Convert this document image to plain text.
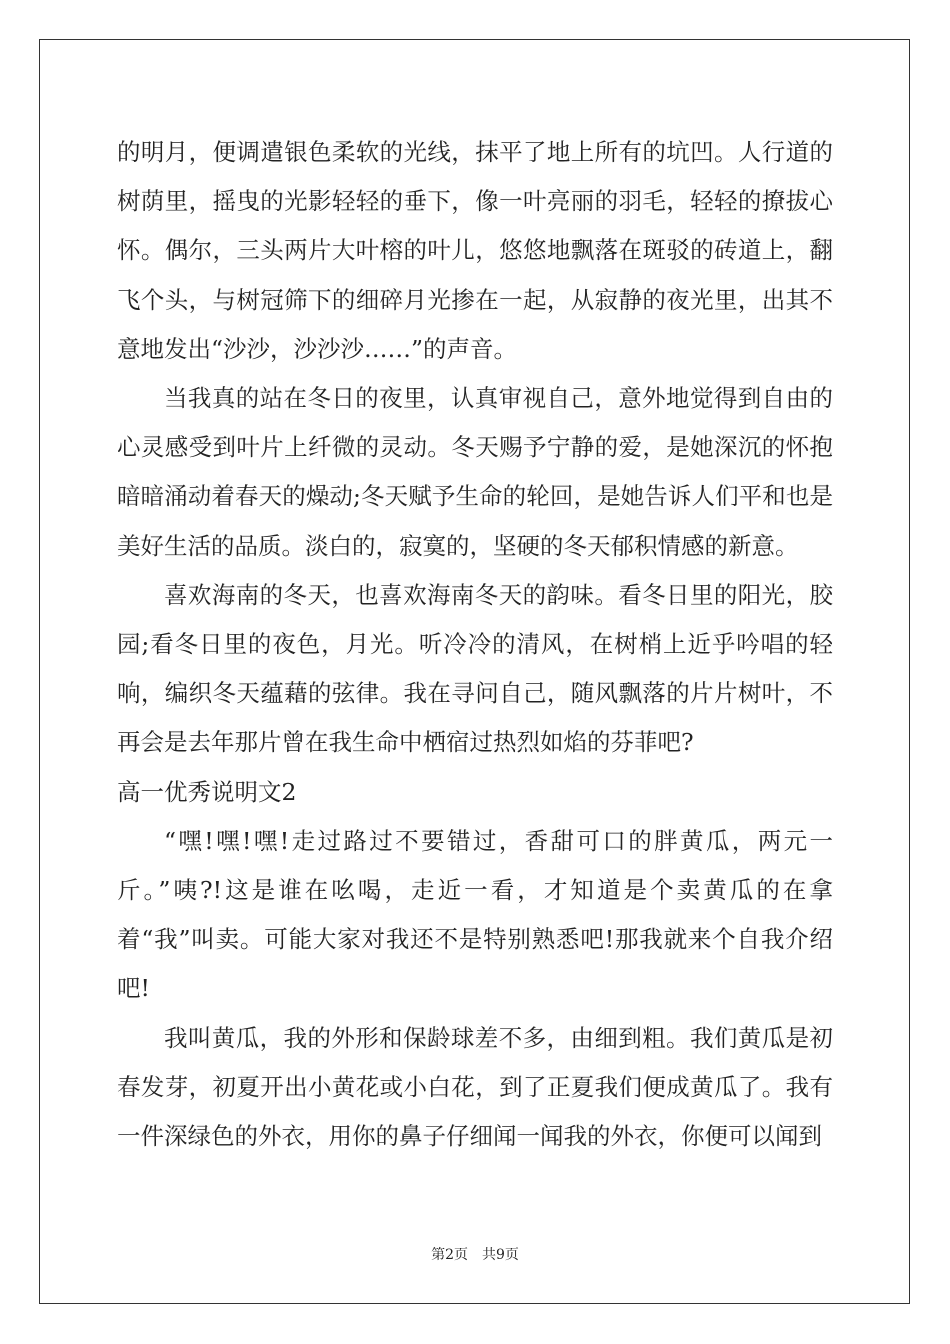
的明月，便调遣银色柔软的光线，抹平了地上所有的坑凹。人行道的树荫里，摇曳的光影轻轻的垂下，像一叶亮丽的羽毛，轻轻的撩拔心怀。偶尔，三头两片大叶榕的叶儿，悠悠地飘落在斑驳的砖道上，翻飞个头，与树冠筛下的细碎月光掺在一起，从寂静的夜光里，出其不意地发出“沙沙，沙沙沙……”的声音。

当我真的站在冬日的夜里，认真审视自己，意外地觉得到自由的心灵感受到叶片上纤微的灵动。冬天赐予宁静的爱，是她深沉的怀抱暗暗涌动着春天的燥动;冬天赋予生命的轮回，是她告诉人们平和也是美好生活的品质。淡白的，寂寞的，坚硬的冬天郁积情感的新意。

喜欢海南的冬天，也喜欢海南冬天的韵味。看冬日里的阳光，胶园;看冬日里的夜色，月光。听冷冷的清风，在树梢上近乎吟唱的轻响，编织冬天蕴藉的弦律。我在寻问自己，随风飘落的片片树叶，不再会是去年那片曾在我生命中栖宿过热烈如焰的芬菲吧?

高一优秀说明文2

“嘿!嘿!嘿!走过路过不要错过，香甜可口的胖黄瓜，两元一斤。”咦?!这是谁在吆喝，走近一看，才知道是个卖黄瓜的在拿着“我”叫卖。可能大家对我还不是特别熟悉吧!那我就来个自我介绍吧!

我叫黄瓜，我的外形和保龄球差不多，由细到粗。我们黄瓜是初春发芽，初夏开出小黄花或小白花，到了正夏我们便成黄瓜了。我有一件深绿色的外衣，用你的鼻子仔细闻一闻我的外衣，你便可以闻到

第2页　共9页
